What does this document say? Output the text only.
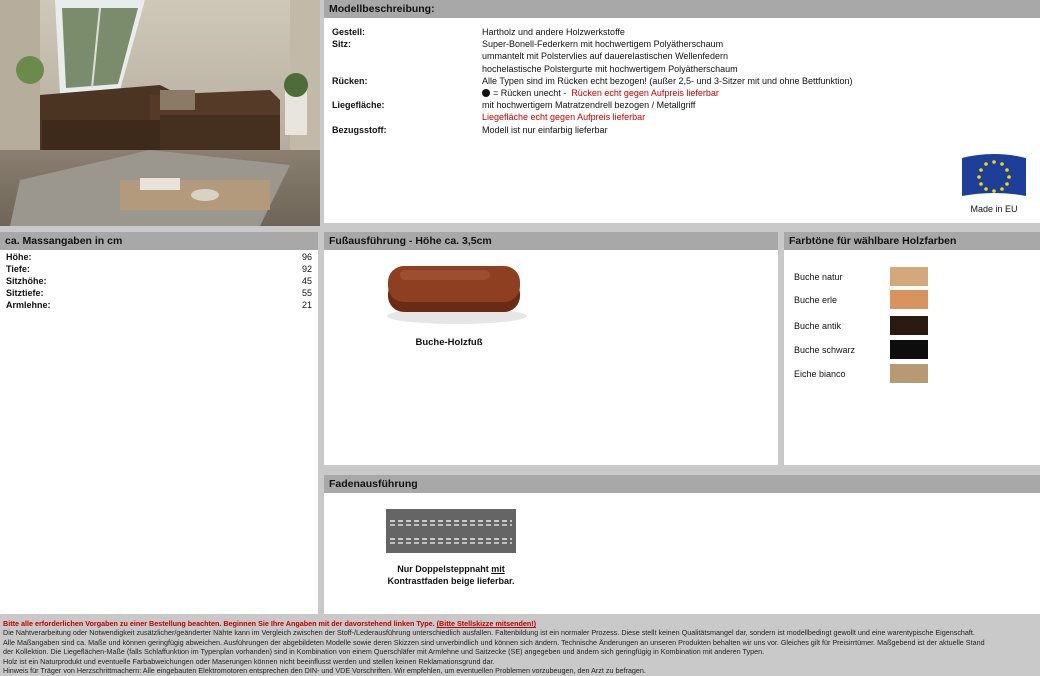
Modellbeschreibung:
Gestell:	Hartholz und andere Holzwerkstoffe
Sitz:	Super-Bonell-Federkern mit hochwertigem Polyätherschaum
ummantelt mit Polstervlies auf dauerelastischen Wellenfedern
hochelastische Polstergurte mit hochwertigem Polyätherschaum
Rücken:	Alle Typen sind im Rücken echt bezogen! (außer 2,5- und 3-Sitzer mit und ohne Bettfunktion)
= Rücken unecht - Rücken echt gegen Aufpreis lieferbar
Liegefläche:	mit hochwertigem Matratzendrell bezogen / Metallgriff
Liegefläche echt gegen Aufpreis lieferbar
Bezugsstoff:	Modell ist nur einfarbig lieferbar
Made in EU
ca. Massangaben in cm
Höhe:	96
Tiefe:	92
Sitzhöhe:	45
Sitztiefe:	55
Armlehne:	21
Fußausführung - Höhe ca. 3,5cm
Buche-Holzfuß
Farbtöne für wählbare Holzfarben
Buche natur
Buche erle
Buche antik
Buche schwarz
Eiche bianco
Fadenausführung
Nur Doppelsteppnaht mit
Kontrastfaden beige lieferbar.
Bitte alle erforderlichen Vorgaben zu einer Bestellung beachten. Beginnen Sie Ihre Angaben mit der davorstehend linken Type. (Bitte Stellskizze mitsenden!)
Die Nahtverarbeitung oder Notwendigkeit zusätzlicher/geänderter Nähte kann im Vergleich zwischen der Stoff-/Lederausführung unterschiedlich ausfallen. Faltenbildung ist ein normaler Prozess. Diese stellt keinen Qualitätsmangel dar, sondern ist modellbedingt gewollt und eine warentypische Eigenschaft.
Alle Maßangaben sind ca. Maße und können geringfügig abweichen. Ausführungen der abgebildeten Modelle sowie deren Skizzen sind unverbindlich und können sich ändern. Technische Änderungen an unseren Produkten behalten wir uns vor. Gleiches gilt für Preisirrtümer. Maßgebend ist der aktuelle Stand
der Kollektion. Die Liegeflächen-Maße (falls Schlaffunktion im Typenplan vorhanden) sind in Kombination von einem Querschläfer mit Armlehne und Saitzecke (SE) angegeben und ändern sich geringfügig in Kombination mit anderen Typen.
Holz ist ein Naturprodukt und eventuelle Farbabweichungen oder Maserungen können nicht beeinflusst werden und stellen keinen Reklamationsgrund dar.
Hinweis für Träger von Herzschrittmachern: Alle eingebauten Elektromotoren entsprechen den DIN- und VDE Vorschriften. Wir empfehlen, um eventuellen Problemen vorzubeugen, den Arzt zu befragen.
